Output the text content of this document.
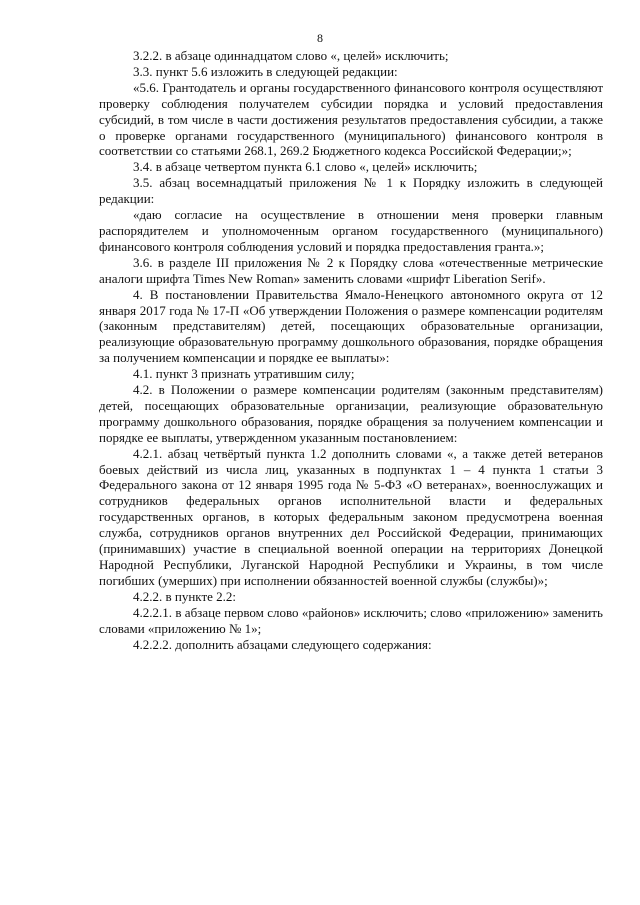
8

3.2.2. в абзаце одиннадцатом слово «, целей» исключить;

3.3. пункт 5.6 изложить в следующей редакции:

«5.6. Грантодатель и органы государственного финансового контроля осуществляют проверку соблюдения получателем субсидии порядка и условий предоставления субсидий, в том числе в части достижения результатов предоставления субсидии, а также о проверке органами государственного (муниципального) финансового контроля в соответствии со статьями 268.1, 269.2 Бюджетного кодекса Российской Федерации;»;

3.4. в абзаце четвертом пункта 6.1 слово «, целей» исключить;

3.5. абзац восемнадцатый приложения № 1 к Порядку изложить в следующей редакции:

«даю согласие на осуществление в отношении меня проверки главным распорядителем и уполномоченным органом государственного (муниципального) финансового контроля соблюдения условий и порядка предоставления гранта.»;

3.6. в разделе III приложения № 2 к Порядку слова «отечественные метрические аналоги шрифта Times New Roman» заменить словами «шрифт Liberation Serif».

4. В постановлении Правительства Ямало-Ненецкого автономного округа от 12 января 2017 года № 17-П «Об утверждении Положения о размере компенсации родителям (законным представителям) детей, посещающих образовательные организации, реализующие образовательную программу дошкольного образования, порядке обращения за получением компенсации и порядке ее выплаты»:

4.1. пункт 3 признать утратившим силу;

4.2. в Положении о размере компенсации родителям (законным представителям) детей, посещающих образовательные организации, реализующие образовательную программу дошкольного образования, порядке обращения за получением компенсации и порядке ее выплаты, утвержденном указанным постановлением:

4.2.1. абзац четвёртый пункта 1.2 дополнить словами «, а также детей ветеранов боевых действий из числа лиц, указанных в подпунктах 1 – 4 пункта 1 статьи 3 Федерального закона от 12 января 1995 года № 5-ФЗ «О ветеранах», военнослужащих и сотрудников федеральных органов исполнительной власти и федеральных государственных органов, в которых федеральным законом предусмотрена военная служба, сотрудников органов внутренних дел Российской Федерации, принимающих (принимавших) участие в специальной военной операции на территориях Донецкой Народной Республики, Луганской Народной Республики и Украины, в том числе погибших (умерших) при исполнении обязанностей военной службы (службы)»;

4.2.2. в пункте 2.2:

4.2.2.1. в абзаце первом слово «районов» исключить; слово «приложению» заменить словами «приложению № 1»;

4.2.2.2. дополнить абзацами следующего содержания:
